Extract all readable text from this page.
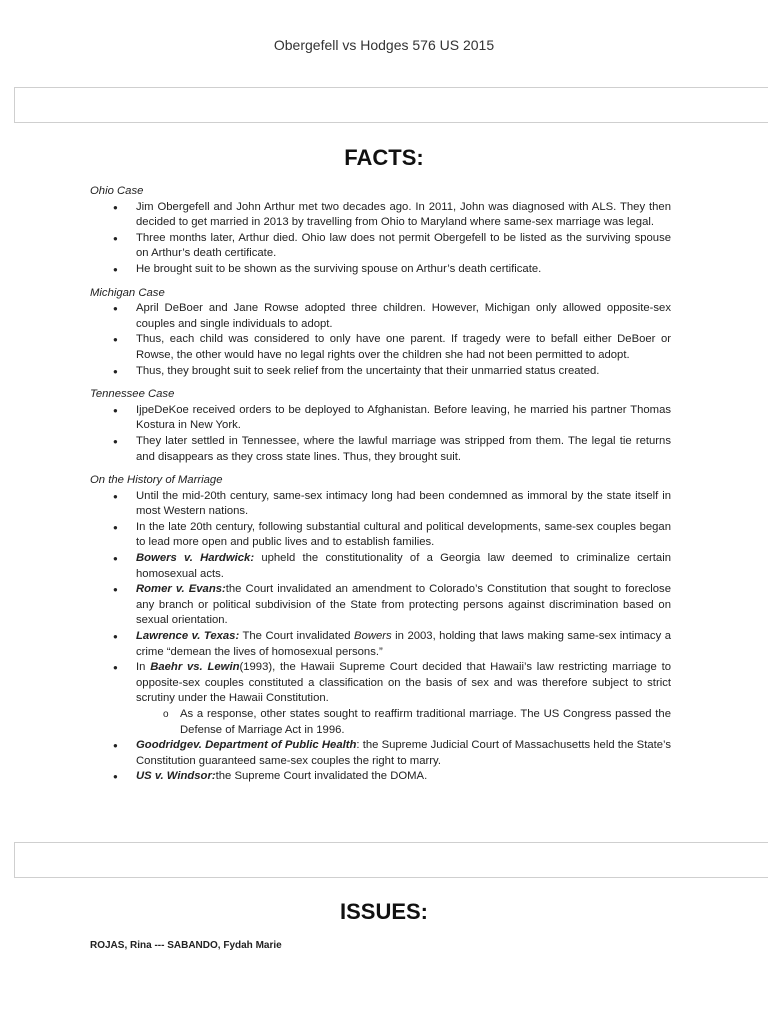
Obergefell vs Hodges 576 US 2015
FACTS:

Ohio Case

● Jim Obergefell and John Arthur met two decades ago. In 2011, John was diagnosed with ALS. They then decided to get married in 2013 by travelling from Ohio to Maryland where same-sex marriage was legal.
● Three months later, Arthur died. Ohio law does not permit Obergefell to be listed as the surviving spouse on Arthur’s death certificate.
● He brought suit to be shown as the surviving spouse on Arthur’s death certificate.

Michigan Case

● April DeBoer and Jane Rowse adopted three children. However, Michigan only allowed opposite-sex couples and single individuals to adopt.
● Thus, each child was considered to only have one parent. If tragedy were to befall either DeBoer or Rowse, the other would have no legal rights over the children she had not been permitted to adopt.
● Thus, they brought suit to seek relief from the uncertainty that their unmarried status created.

Tennessee Case

● IjpeDeKoe received orders to be deployed to Afghanistan. Before leaving, he married his partner Thomas Kostura in New York.
● They later settled in Tennessee, where the lawful marriage was stripped from them. The legal tie returns and disappears as they cross state lines. Thus, they brought suit.

On the History of Marriage

● Until the mid-20th century, same-sex intimacy long had been condemned as immoral by the state itself in most Western nations.
● In the late 20th century, following substantial cultural and political developments, same-sex couples began to lead more open and public lives and to establish families.
● Bowers v. Hardwick: upheld the constitutionality of a Georgia law deemed to criminalize certain homosexual acts.
● Romer v. Evans:the Court invalidated an amendment to Colorado’s Constitution that sought to foreclose any branch or political subdivision of the State from protecting persons against discrimination based on sexual orientation.
● Lawrence v. Texas: The Court invalidated Bowers in 2003, holding that laws making same-sex intimacy a crime “demean the lives of homosexual persons.”
● In Baehr vs. Lewin(1993), the Hawaii Supreme Court decided that Hawaii’s law restricting marriage to opposite-sex couples constituted a classification on the basis of sex and was therefore subject to strict scrutiny under the Hawaii Constitution.
o As a response, other states sought to reaffirm traditional marriage. The US Congress passed the Defense of Marriage Act in 1996.
● Goodridgev. Department of Public Health: the Supreme Judicial Court of Massachusetts held the State’s Constitution guaranteed same-sex couples the right to marry.
● US v. Windsor:the Supreme Court invalidated the DOMA.
ISSUES:
ROJAS, Rina --- SABANDO, Fydah Marie
